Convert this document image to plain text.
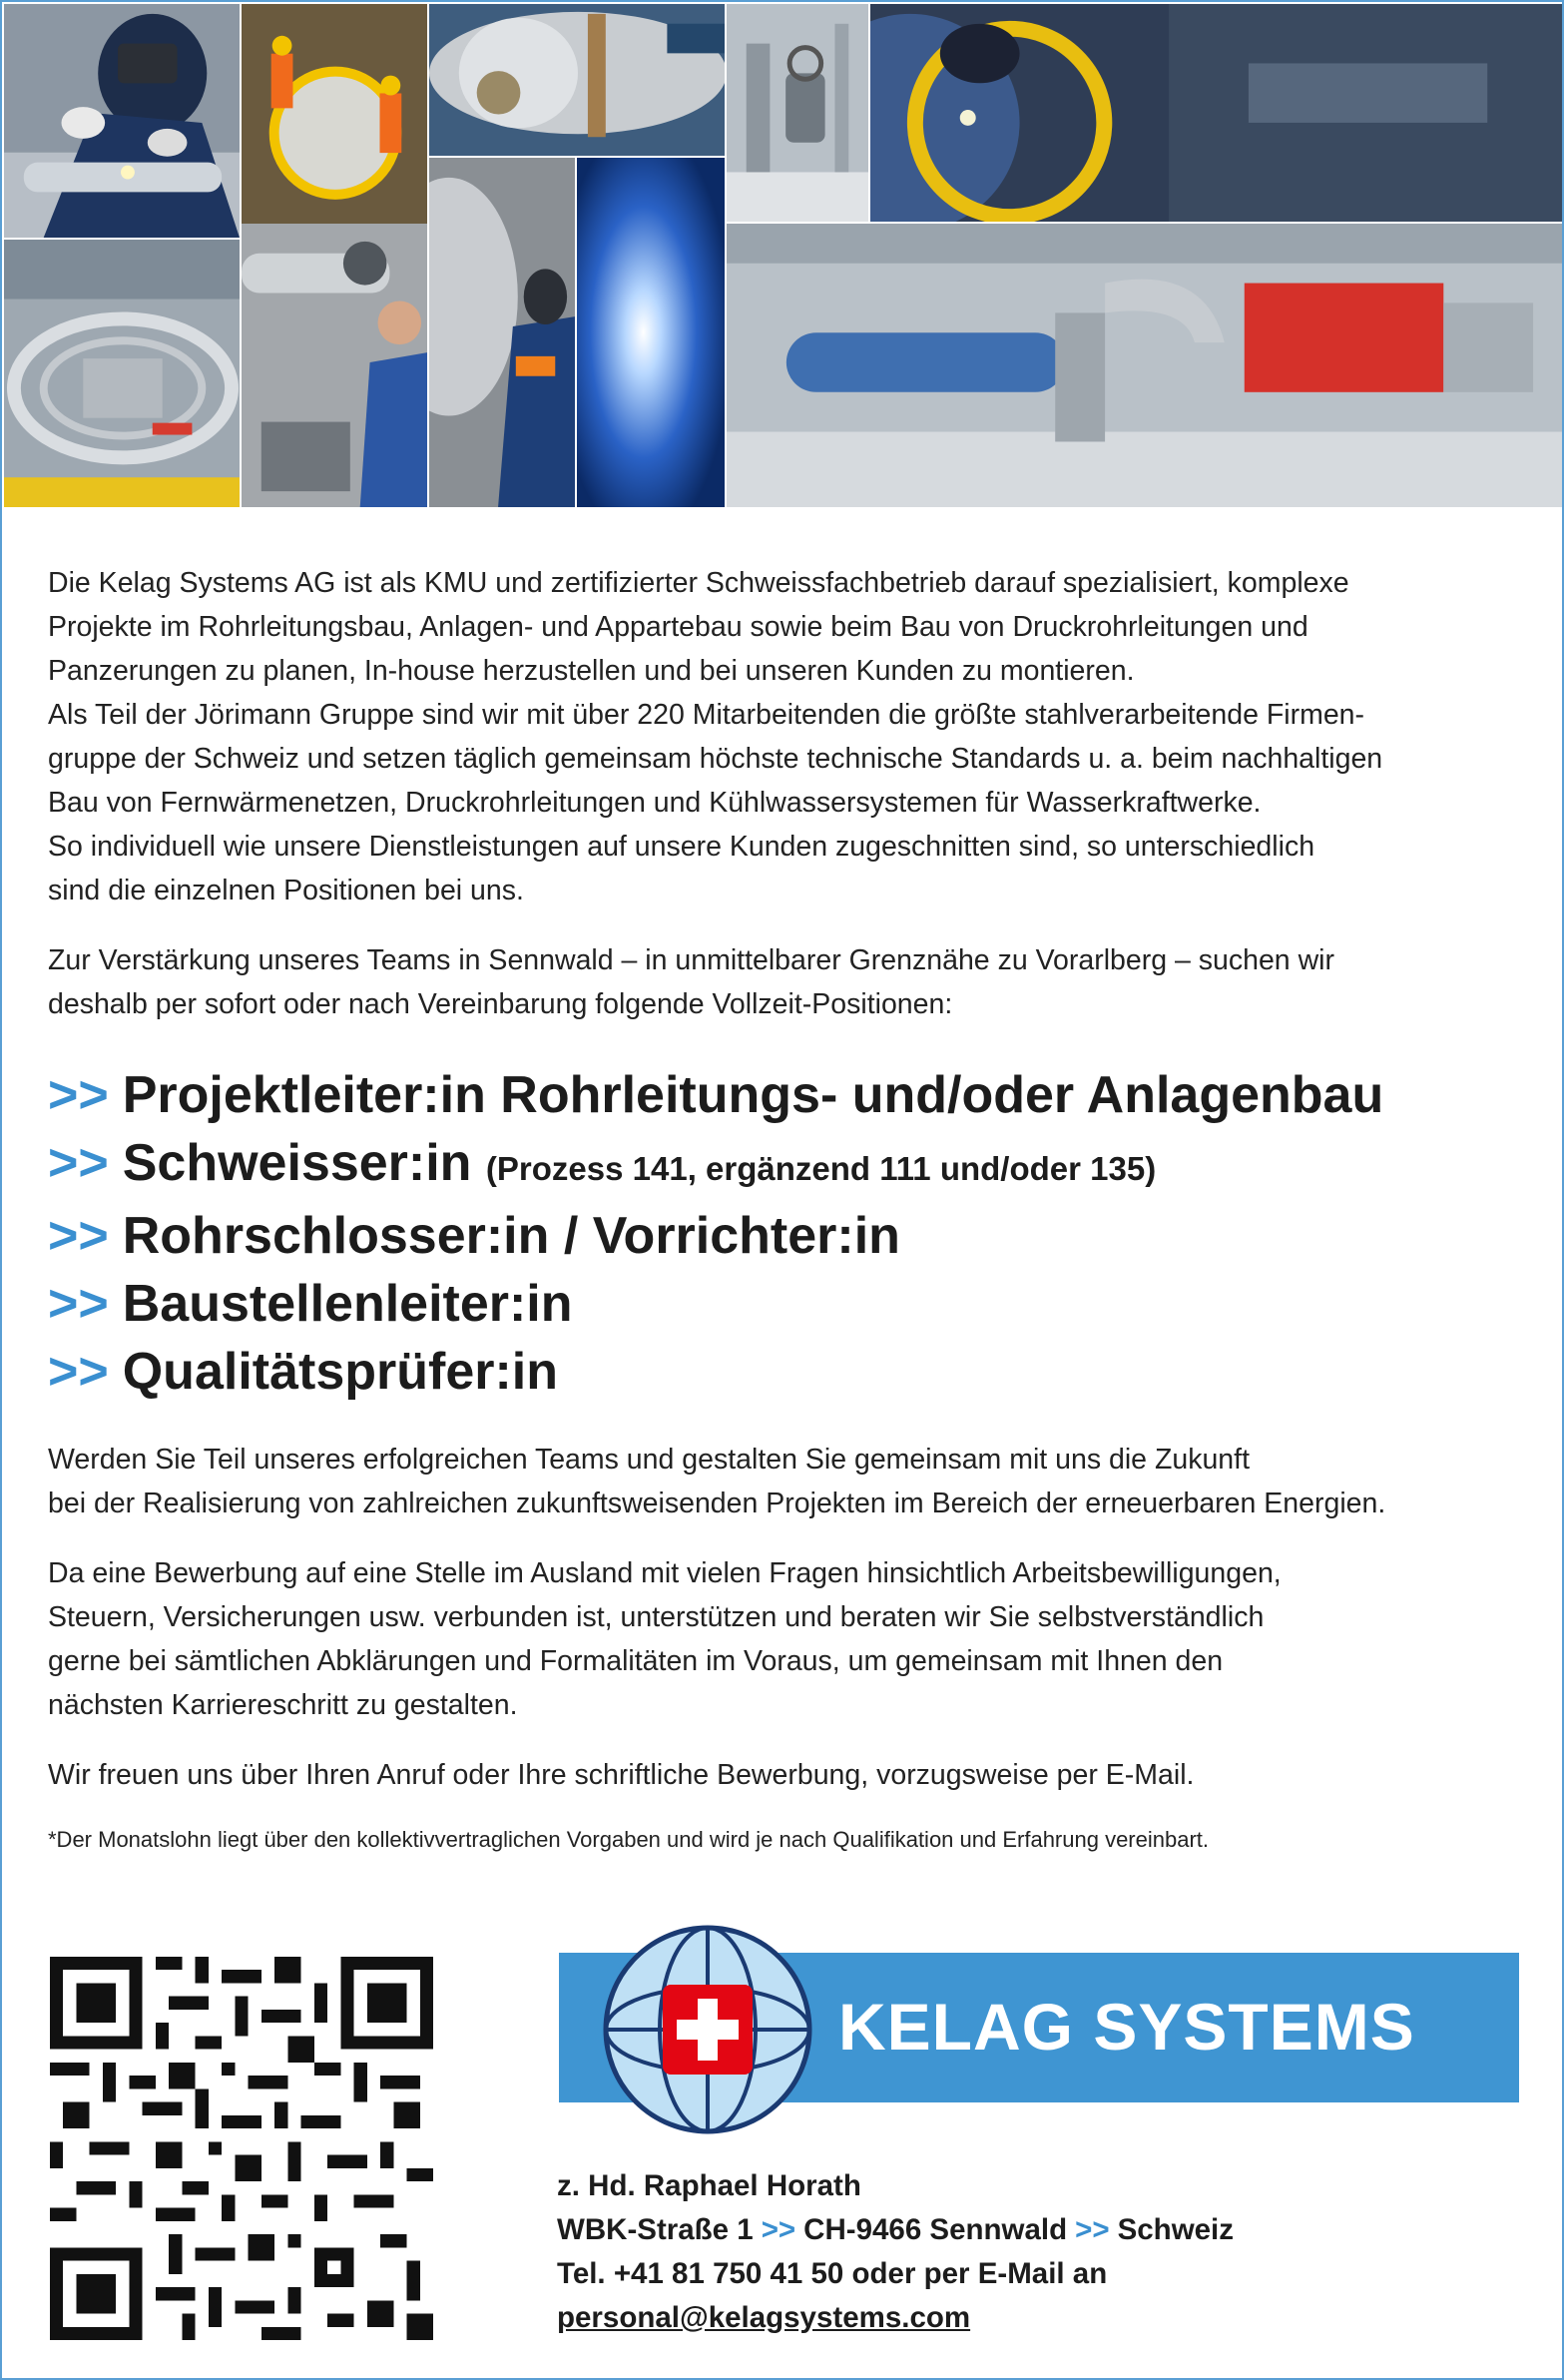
Die Kelag Systems AG ist als KMU und zertifizierter Schweissfachbetrieb darauf spezialisiert, komplexe
Projekte im Rohrleitungsbau, Anlagen- und Appartebau sowie beim Bau von Druckrohrleitungen und
Panzerungen zu planen, In-house herzustellen und bei unseren Kunden zu montieren.
Als Teil der Jörimann Gruppe sind wir mit über 220 Mitarbeitenden die größte stahlverarbeitende Firmen-
gruppe der Schweiz und setzen täglich gemeinsam höchste technische Standards u. a. beim nachhaltigen
Bau von Fernwärmenetzen, Druckrohrleitungen und Kühlwassersystemen für Wasserkraftwerke.
So individuell wie unsere Dienstleistungen auf unsere Kunden zugeschnitten sind, so unterschiedlich
sind die einzelnen Positionen bei uns.

Zur Verstärkung unseres Teams in Sennwald – in unmittelbarer Grenznähe zu Vorarlberg – suchen wir
deshalb per sofort oder nach Vereinbarung folgende Vollzeit-Positionen:

>> Projektleiter:in Rohrleitungs- und/oder Anlagenbau
>> Schweisser:in (Prozess 141, ergänzend 111 und/oder 135)
>> Rohrschlosser:in / Vorrichter:in
>> Baustellenleiter:in
>> Qualitätsprüfer:in

Werden Sie Teil unseres erfolgreichen Teams und gestalten Sie gemeinsam mit uns die Zukunft
bei der Realisierung von zahlreichen zukunftsweisenden Projekten im Bereich der erneuerbaren Energien.

Da eine Bewerbung auf eine Stelle im Ausland mit vielen Fragen hinsichtlich Arbeitsbewilligungen,
Steuern, Versicherungen usw. verbunden ist, unterstützen und beraten wir Sie selbstverständlich
gerne bei sämtlichen Abklärungen und Formalitäten im Voraus, um gemeinsam mit Ihnen den
nächsten Karriereschritt zu gestalten.

Wir freuen uns über Ihren Anruf oder Ihre schriftliche Bewerbung, vorzugsweise per E-Mail.

*Der Monatslohn liegt über den kollektivvertraglichen Vorgaben und wird je nach Qualifikation und Erfahrung vereinbart.

KELAG SYSTEMS
z. Hd. Raphael Horath
WBK-Straße 1 >> CH-9466 Sennwald >> Schweiz
Tel. +41 81 750 41 50 oder per E-Mail an
personal@kelagsystems.com
